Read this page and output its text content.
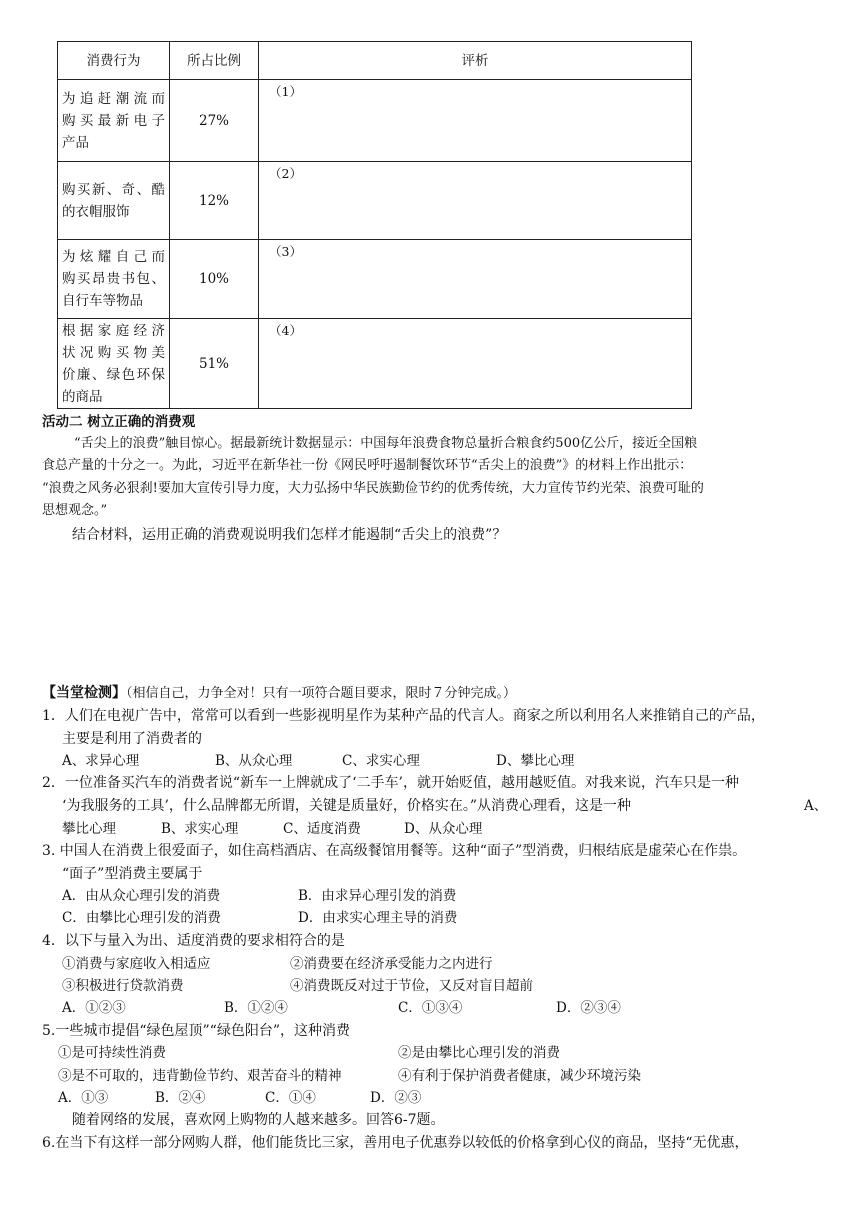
消费行为	所占比例	评析

为追赶潮流而
购买最新电子
产品	27%	（1）

购买新、奇、酷
的衣帽服饰	12%	（2）

为炫耀自己而
购买昂贵书包、
自行车等物品	10%	（3）

根据家庭经济
状况购买物美
价廉、绿色环保
的商品	51%	（4）
活动二 树立正确的消费观
“舌尖上的浪费”触目惊心。据最新统计数据显示：中国每年浪费食物总量折合粮食约500亿公斤，接近全国粮
食总产量的十分之一。为此，习近平在新华社一份《网民呼吁遏制餐饮环节“舌尖上的浪费”》的材料上作出批示：
“浪费之风务必狠刹!要加大宣传引导力度，大力弘扬中华民族勤俭节约的优秀传统，大力宣传节约光荣、浪费可耻的
思想观念。”
结合材料，运用正确的消费观说明我们怎样才能遏制“舌尖上的浪费”？
【当堂检测】（相信自己，力争全对！只有一项符合题目要求，限时７分钟完成。）
1．人们在电视广告中，常常可以看到一些影视明星作为某种产品的代言人。商家之所以利用名人来推销自己的产品，
主要是利用了消费者的
A、求异心理	B、从众心理	C、求实心理	D、攀比心理
2．一位准备买汽车的消费者说“新车一上牌就成了‘二手车’，就开始贬值，越用越贬值。对我来说，汽车只是一种
‘为我服务的工具’，什么品牌都无所谓，关键是质量好，价格实在。”从消费心理看，这是一种	A、
攀比心理	B、求实心理	C、适度消费	D、从众心理
3. 中国人在消费上很爱面子，如住高档酒店、在高级餐馆用餐等。这种“面子”型消费，归根结底是虚荣心在作祟。
“面子”型消费主要属于
A．由从众心理引发的消费	B．由求异心理引发的消费
C．由攀比心理引发的消费	D．由求实心理主导的消费
4．以下与量入为出、适度消费的要求相符合的是
①消费与家庭收入相适应	②消费要在经济承受能力之内进行
③积极进行贷款消费	④消费既反对过于节俭，又反对盲目超前
A．①②③	B．①②④	C．①③④	D．②③④
5.一些城市提倡“绿色屋顶”“绿色阳台”，这种消费
①是可持续性消费	②是由攀比心理引发的消费
③是不可取的，违背勤俭节约、艰苦奋斗的精神	④有利于保护消费者健康，减少环境污染
A．①③	B．②④	C．①④	D．②③
随着网络的发展，喜欢网上购物的人越来越多。回答6-7题。
6.在当下有这样一部分网购人群，他们能货比三家，善用电子优惠券以较低的价格拿到心仪的商品，坚持“无优惠，
